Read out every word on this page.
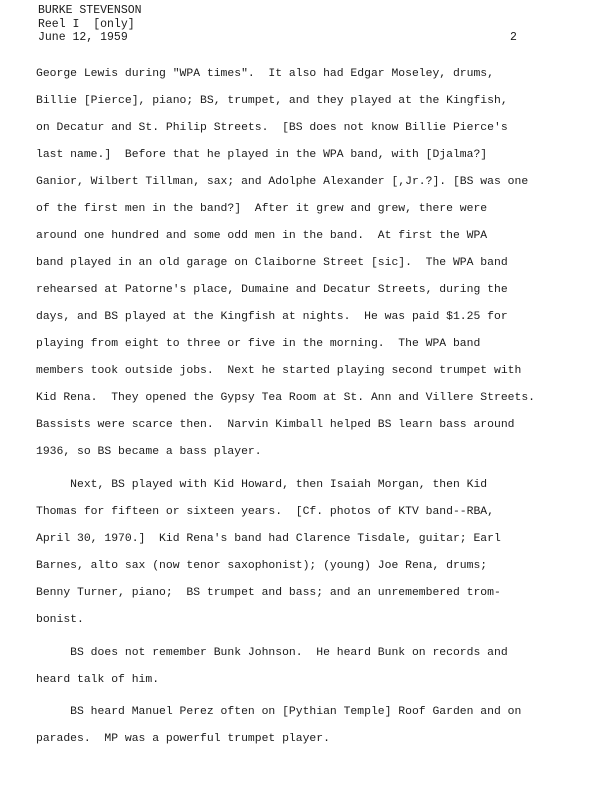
BURKE STEVENSON
Reel I  [only]
June 12, 1959	2
George Lewis during "WPA times".  It also had Edgar Moseley, drums,
Billie [Pierce], piano; BS, trumpet, and they played at the Kingfish,
on Decatur and St. Philip Streets.  [BS does not know Billie Pierce's
last name.]  Before that he played in the WPA band, with [Djalma?]
Ganior, Wilbert Tillman, sax; and Adolphe Alexander [,Jr.?]. [BS was one
of the first men in the band?]  After it grew and grew, there were
around one hundred and some odd men in the band.  At first the WPA
band played in an old garage on Claiborne Street [sic].  The WPA band
rehearsed at Patorne's place, Dumaine and Decatur Streets, during the
days, and BS played at the Kingfish at nights.  He was paid $1.25 for
playing from eight to three or five in the morning.  The WPA band
members took outside jobs.  Next he started playing second trumpet with
Kid Rena.  They opened the Gypsy Tea Room at St. Ann and Villere Streets.
Bassists were scarce then.  Narvin Kimball helped BS learn bass around
1936, so BS became a bass player.
Next, BS played with Kid Howard, then Isaiah Morgan, then Kid
Thomas for fifteen or sixteen years.  [Cf. photos of KTV band--RBA,
April 30, 1970.]  Kid Rena's band had Clarence Tisdale, guitar; Earl
Barnes, alto sax (now tenor saxophonist); (young) Joe Rena, drums;
Benny Turner, piano;  BS trumpet and bass; and an unremembered trom-
bonist.
BS does not remember Bunk Johnson.  He heard Bunk on records and
heard talk of him.
BS heard Manuel Perez often on [Pythian Temple] Roof Garden and on
parades.  MP was a powerful trumpet player.
